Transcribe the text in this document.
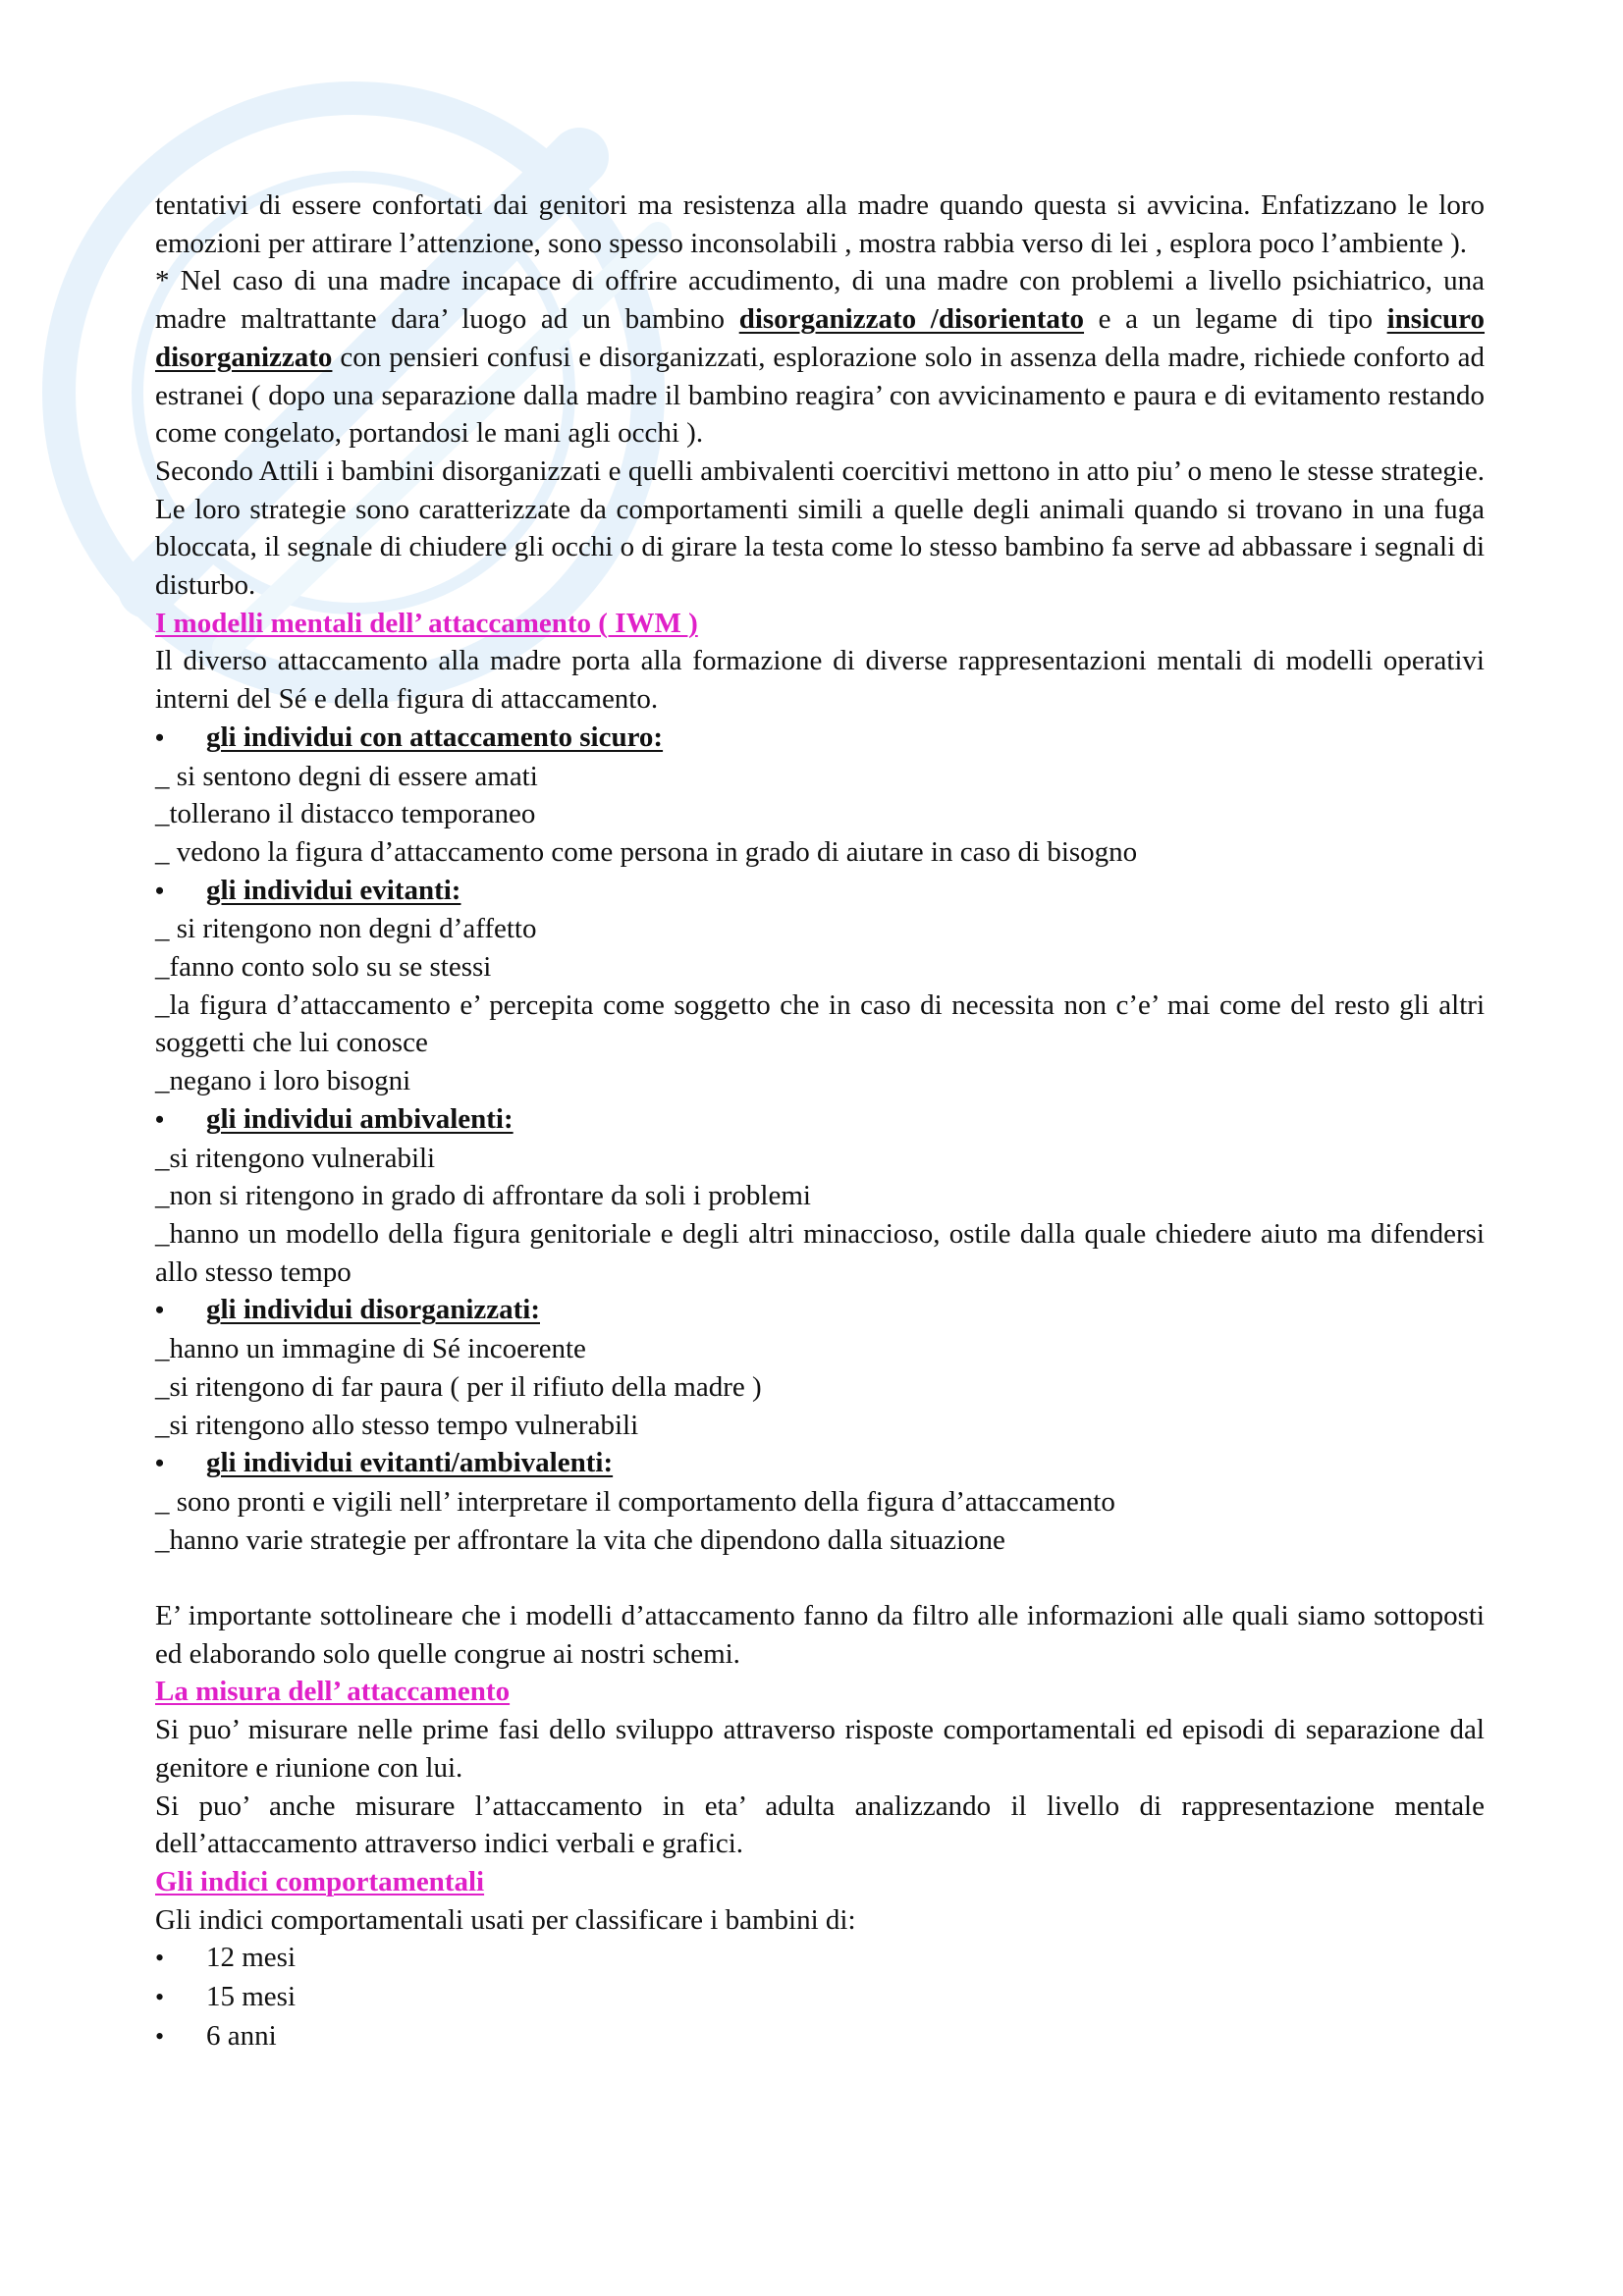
tentativi di essere confortati dai genitori ma resistenza alla madre quando questa si avvicina. Enfatizzano le loro emozioni per attirare l’attenzione, sono spesso inconsolabili , mostra rabbia verso di lei , esplora poco l’ambiente ).

* Nel caso di una madre incapace di offrire accudimento, di una madre con problemi a livello psichiatrico, una madre maltrattante dara’ luogo ad un bambino disorganizzato /disorientato e a un legame di tipo insicuro disorganizzato con pensieri confusi e disorganizzati, esplorazione solo in assenza della madre, richiede conforto ad estranei ( dopo una separazione dalla madre il bambino reagira’ con avvicinamento e paura e di evitamento restando come congelato, portandosi le mani agli occhi ).

Secondo Attili i bambini disorganizzati e quelli ambivalenti coercitivi mettono in atto piu’ o meno le stesse strategie. Le loro strategie sono caratterizzate da comportamenti simili a quelle degli animali quando si trovano in una fuga bloccata, il segnale di chiudere gli occhi o di girare la testa come lo stesso bambino fa serve ad abbassare i segnali di disturbo.

I modelli mentali dell’ attaccamento ( IWM )

Il diverso attaccamento alla madre porta alla formazione di diverse rappresentazioni mentali di modelli operativi interni del Sé e della figura di attaccamento.

•	gli individui con attaccamento sicuro:

_ si sentono degni di essere amati

_tollerano il distacco temporaneo

_ vedono la figura d’attaccamento come persona in grado di aiutare in caso di bisogno

•	gli individui evitanti:

_ si ritengono non degni d’affetto

_fanno conto solo su se stessi

_la figura d’attaccamento e’ percepita come soggetto che in caso di necessita non c’e’ mai come del resto gli altri soggetti che lui conosce

_negano i loro bisogni

•	gli individui ambivalenti:

_si ritengono vulnerabili

_non si ritengono in grado di affrontare da soli i problemi

_hanno un modello della figura genitoriale e degli altri minaccioso, ostile dalla quale chiedere aiuto ma difendersi allo stesso tempo

•	gli individui disorganizzati:

_hanno un immagine di Sé incoerente

_si ritengono di far paura ( per il rifiuto della madre )

_si ritengono allo stesso tempo vulnerabili

•	gli individui evitanti/ambivalenti:

_ sono pronti e vigili nell’ interpretare il comportamento della figura d’attaccamento

_hanno varie strategie per affrontare la vita che dipendono dalla situazione

E’ importante sottolineare che i modelli d’attaccamento fanno da filtro alle informazioni alle quali siamo sottoposti ed elaborando solo quelle congrue ai nostri schemi.

La misura dell’ attaccamento

Si puo’ misurare nelle prime fasi dello sviluppo attraverso risposte comportamentali ed episodi di separazione dal genitore e riunione con lui.

Si puo’ anche misurare l’attaccamento in eta’ adulta analizzando il livello di rappresentazione mentale dell’attaccamento attraverso indici verbali e grafici.

Gli indici comportamentali

Gli indici comportamentali usati per classificare i bambini di:

•	12 mesi
•	15 mesi
•	6 anni
